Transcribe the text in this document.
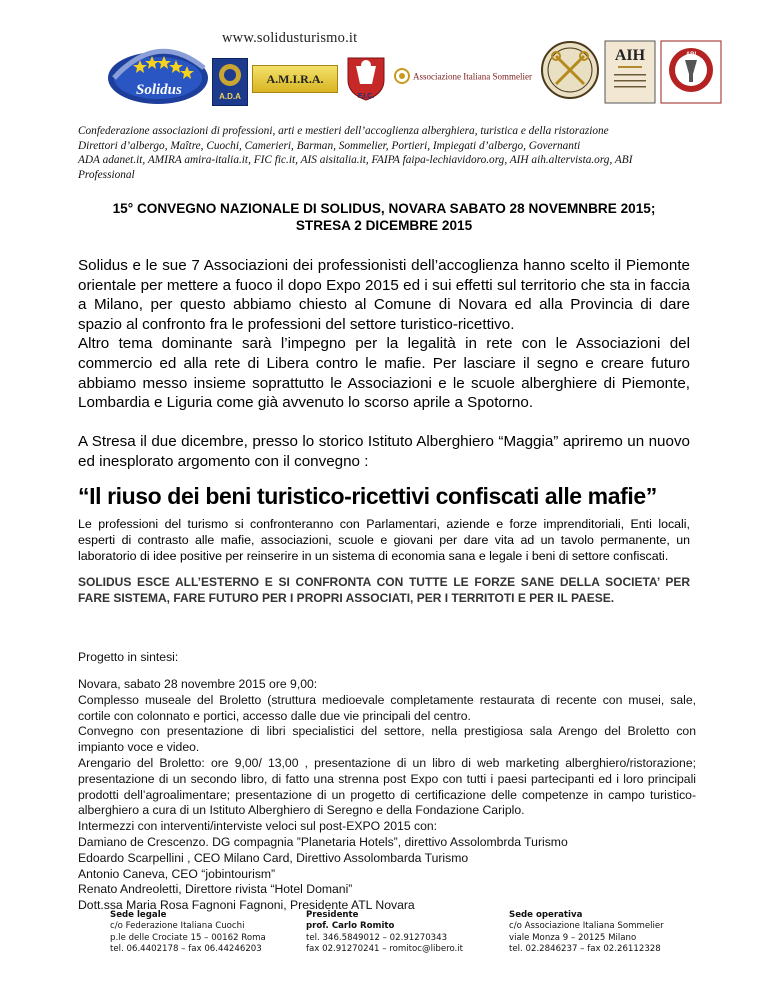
www.solidusturismo.it
Solidus	A.D.A
A.M.I.R.A.
F.I.C.
Associazione Italiana Sommelier
AIH	ABI
Confederazione associazioni di professioni, arti e mestieri dell’accoglienza alberghiera, turistica e della ristorazione
Direttori d’albergo, Maître, Cuochi, Camerieri, Barman, Sommelier, Portieri, Impiegati d’albergo, Governanti
ADA adanet.it, AMIRA amira-italia.it, FIC fic.it, AIS aisitalia.it, FAIPA faipa-lechiavidoro.org, AIH aih.altervista.org, ABI
Professional
15° CONVEGNO NAZIONALE DI SOLIDUS, NOVARA SABATO 28 NOVEMNBRE 2015;
STRESA 2 DICEMBRE 2015
Solidus e le sue 7 Associazioni dei professionisti dell’accoglienza hanno scelto il Piemonte orientale per mettere a fuoco il dopo Expo 2015 ed i sui effetti sul territorio che sta in faccia a Milano, per questo abbiamo chiesto al Comune di Novara ed alla Provincia di dare spazio al confronto fra le professioni del settore turistico-ricettivo.
Altro tema dominante sarà l’impegno per la legalità in rete con le Associazioni del commercio ed alla rete di Libera contro le mafie. Per lasciare il segno e creare futuro abbiamo messo insieme soprattutto le Associazioni e le scuole alberghiere di Piemonte, Lombardia e Liguria come già avvenuto lo scorso aprile a Spotorno.
A Stresa il due dicembre, presso lo storico Istituto Alberghiero “Maggia” apriremo un nuovo ed inesplorato argomento con il convegno :
“Il riuso dei beni turistico-ricettivi confiscati alle mafie”
Le professioni del turismo si confronteranno con Parlamentari, aziende e forze imprenditoriali, Enti locali, esperti di contrasto alle mafie, associazioni, scuole e giovani per dare vita ad un tavolo permanente, un laboratorio di idee positive per reinserire in un sistema di economia sana e legale i beni di settore confiscati.
SOLIDUS ESCE ALL’ESTERNO E SI CONFRONTA CON TUTTE LE FORZE SANE DELLA SOCIETA’ PER FARE SISTEMA, FARE FUTURO PER I PROPRI ASSOCIATI, PER I TERRITOTI E PER IL PAESE.
Progetto in sintesi:
Novara, sabato 28 novembre 2015 ore 9,00:
Complesso museale del Broletto (struttura medioevale completamente restaurata di recente con musei, sale, cortile con colonnato e portici, accesso dalle due vie principali del centro.
Convegno con presentazione di libri specialistici del settore, nella prestigiosa sala Arengo del Broletto con impianto voce e video.
Arengario del Broletto: ore 9,00/ 13,00 , presentazione di un libro di web marketing alberghiero/ristorazione; presentazione di un secondo libro, di fatto una strenna post Expo con tutti i paesi partecipanti ed i loro principali prodotti dell’agroalimentare; presentazione di un progetto di certificazione delle competenze in campo turistico-alberghiero a cura di un Istituto Alberghiero di Seregno e della Fondazione Cariplo.
Intermezzi con interventi/interviste veloci sul post-EXPO 2015 con:
Damiano de Crescenzo. DG compagnia ”Planetaria Hotels”, direttivo Assolombrda Turismo
Edoardo Scarpellini , CEO Milano Card, Direttivo Assolombarda Turismo
Antonio Caneva, CEO “jobintourism”
Renato Andreoletti, Direttore rivista “Hotel Domani”
Dott.ssa Maria Rosa Fagnoni Fagnoni, Presidente ATL Novara
Sede legale
c/o Federazione Italiana Cuochi
p.le delle Crociate 15 – 00162 Roma
tel. 06.4402178 – fax 06.44246203
Presidente
prof. Carlo Romito
tel. 346.5849012 – 02.91270343
fax 02.91270241 – romitoc@libero.it
Sede operativa
c/o Associazione Italiana Sommelier
viale Monza 9 – 20125 Milano
tel. 02.2846237 – fax 02.26112328
